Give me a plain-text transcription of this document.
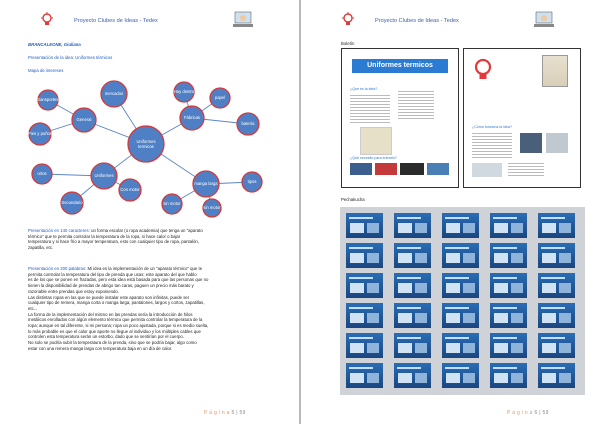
Proyecto Clubes de Ideas - Tedex
BRANCALEONE, Giuliana
Presentación de la idea: Uniformes térmicos
Mapa de intereses
Uniformes
termicos
mercados
General
transportes
Pies y puños
Fábricas
Hay dentro
papel
batería
Uniformes
ortos
Secundario
Con motor
manga larga	tipos
sin motor
sin motor
Presentación en 140 caracteres: un forma escolar (o ropa academia) que tenga un "aparato
térmico" que te permita controlar la temperatura de la ropa, si hace calor o bajar
temperatura y si hace frío a mayor temperatura, esto con cualquier tipo de ropa, pantalón,
zapatilla, etc.
Presentación en 200 palabras: Mi idea es la implementación de un "aparato térmico" que te
permita controlar la temperatura del tipo de prenda que usas; este aparato del que hablo
es de los que se ponen en frazadas, pero esta idea está basada para que las personas que no
tienen la disponibilidad de prendas de abrigo tan caras, paguen un precio más barato y
razonable entre prendas que estoy exponiendo.
Las distintas ropas en las que se puede instalar este aparato son infinitas, puede ser
cualquier tipo de remera, manga corta o manga larga, pantalones, largos y cortos, zapatillas,
etc...
La forma de la implementación del mismo en las prendas sería la introducción de hilos
metálicos enrollados con algún elemento térmico que permita controlar la temperatura de la
ropa; aunque en tal diferente, si mi persona; ropa un poco ajustada, porque si es medio suelta,
lo más probable es que el calor que aporte no llegue al individuo y los múltiples cables que
controlen esta temperatura serán un estorbo, dado que se sentirían por el cuerpo.
No solo se podría subir la temperatura de la prenda, sino que se podría bajar, algo como
estar con una remera manga larga con temperatura baja en un día de calor.
P á g i n a 5 | 59
Proyecto Clubes de Ideas - Tedex
Boletín
Uniformes termicos
¿Que es la idea?
¿Qué necesito para entrarlo?
¿Cómo funciona la idea?
Pechakucha
P á g i n a 6 | 59
